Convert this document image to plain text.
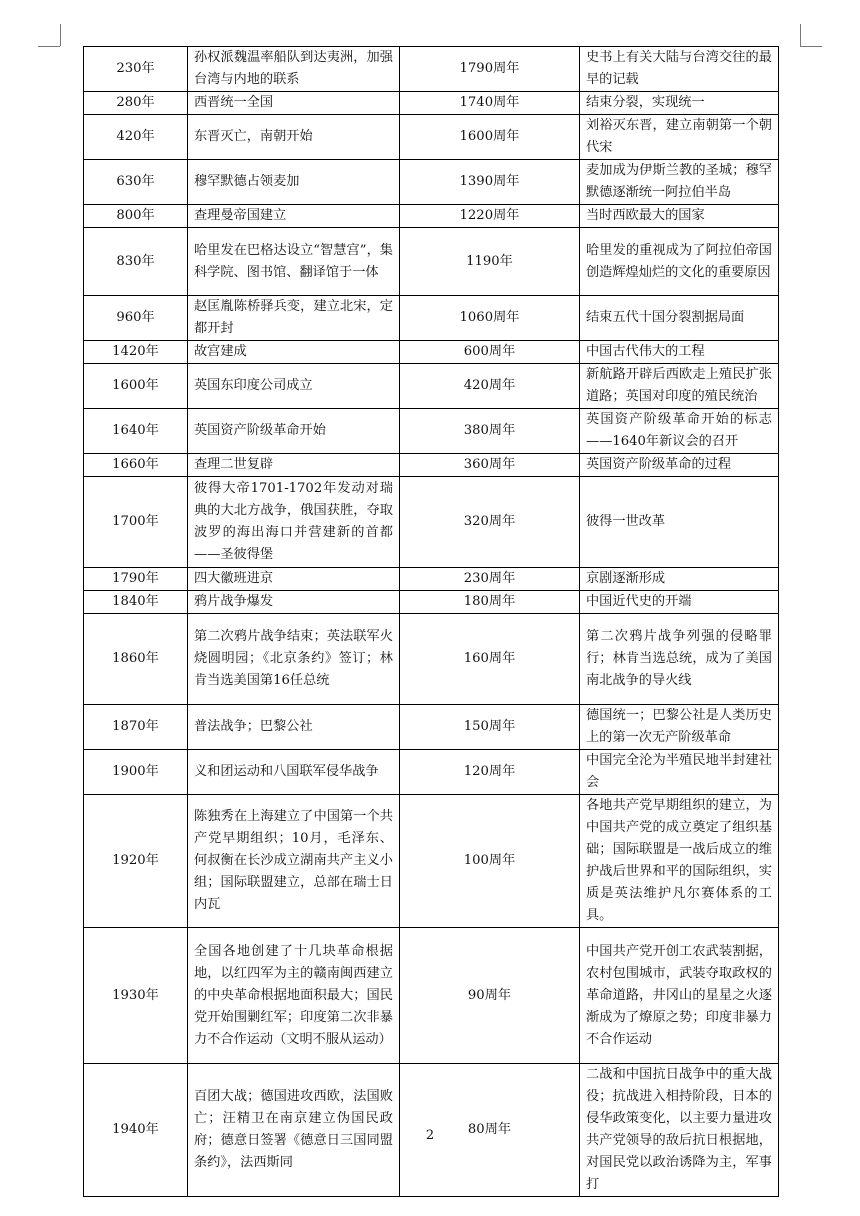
230年	孙权派魏温率船队到达夷洲，加强台湾与内地的联系	1790周年	史书上有关大陆与台湾交往的最早的记载
280年	西晋统一全国	1740周年	结束分裂，实现统一
420年	东晋灭亡，南朝开始	1600周年	刘裕灭东晋，建立南朝第一个朝代宋
630年	穆罕默德占领麦加	1390周年	麦加成为伊斯兰教的圣城；穆罕默德逐渐统一阿拉伯半岛
800年	查理曼帝国建立	1220周年	当时西欧最大的国家
830年	哈里发在巴格达设立“智慧宫”，集科学院、图书馆、翻译馆于一体	1190年	哈里发的重视成为了阿拉伯帝国创造辉煌灿烂的文化的重要原因
960年	赵匡胤陈桥驿兵变，建立北宋，定都开封	1060周年	结束五代十国分裂割据局面
1420年	故宫建成	600周年	中国古代伟大的工程
1600年	英国东印度公司成立	420周年	新航路开辟后西欧走上殖民扩张道路；英国对印度的殖民统治
1640年	英国资产阶级革命开始	380周年	英国资产阶级革命开始的标志——1640年新议会的召开
1660年	查理二世复辟	360周年	英国资产阶级革命的过程
1700年	彼得大帝1701-1702年发动对瑞典的大北方战争，俄国获胜，夺取波罗的海出海口并营建新的首都——圣彼得堡	320周年	彼得一世改革
1790年	四大徽班进京	230周年	京剧逐渐形成
1840年	鸦片战争爆发	180周年	中国近代史的开端
1860年	第二次鸦片战争结束；英法联军火烧圆明园；《北京条约》签订；林肯当选美国第16任总统	160周年	第二次鸦片战争列强的侵略罪行；林肯当选总统，成为了美国南北战争的导火线
1870年	普法战争；巴黎公社	150周年	德国统一；巴黎公社是人类历史上的第一次无产阶级革命
1900年	义和团运动和八国联军侵华战争	120周年	中国完全沦为半殖民地半封建社会
1920年	陈独秀在上海建立了中国第一个共产党早期组织；10月，毛泽东、何叔衡在长沙成立湖南共产主义小组；国际联盟建立，总部在瑞士日内瓦	100周年	各地共产党早期组织的建立，为中国共产党的成立奠定了组织基础；国际联盟是一战后成立的维护战后世界和平的国际组织，实质是英法维护凡尔赛体系的工具。
1930年	全国各地创建了十几块革命根据地，以红四军为主的赣南闽西建立的中央革命根据地面积最大；国民党开始围剿红军；印度第二次非暴力不合作运动（文明不服从运动）	90周年	中国共产党开创工农武装割据，农村包围城市，武装夺取政权的革命道路，井冈山的星星之火逐渐成为了燎原之势；印度非暴力不合作运动
1940年	百团大战；德国进攻西欧，法国败亡；汪精卫在南京建立伪国民政府；德意日签署《德意日三国同盟条约》，法西斯同	80周年	二战和中国抗日战争中的重大战役；抗战进入相持阶段，日本的侵华政策变化，以主要力量进攻共产党领导的敌后抗日根据地，对国民党以政治诱降为主，军事打
2
